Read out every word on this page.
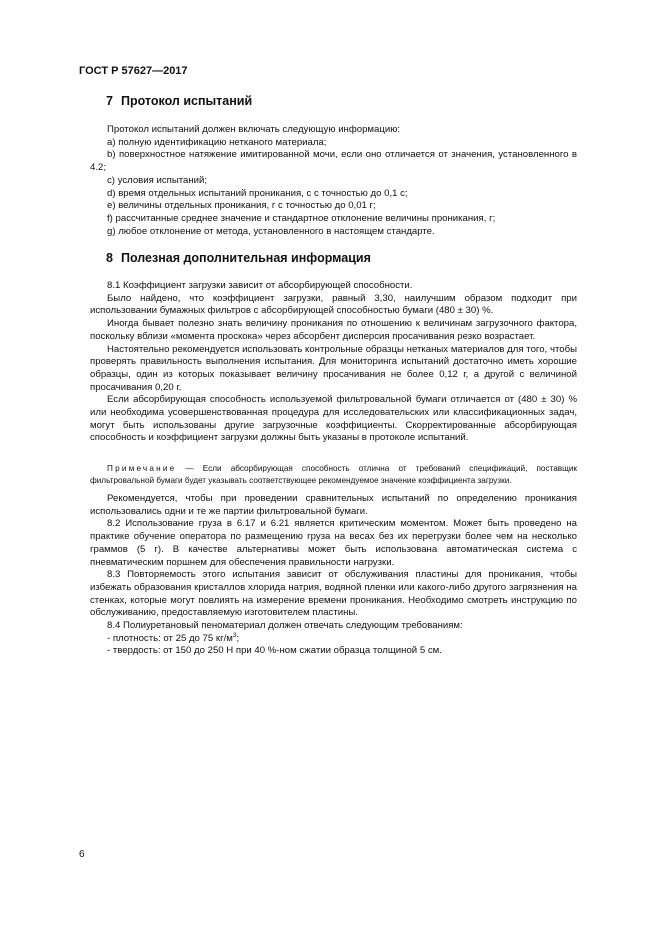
ГОСТ Р 57627—2017
7 Протокол испытаний

Протокол испытаний должен включать следующую информацию:

a) полную идентификацию нетканого материала;

b) поверхностное натяжение имитированной мочи, если оно отличается от значения, установленного в 4.2;

c) условия испытаний;

d) время отдельных испытаний проникания, с с точностью до 0,1 с;

e) величины отдельных проникания, г с точностью до 0,01 г;

f) рассчитанные среднее значение и стандартное отклонение величины проникания, г;

g) любое отклонение от метода, установленного в настоящем стандарте.

8 Полезная дополнительная информация

8.1 Коэффициент загрузки зависит от абсорбирующей способности.

Было найдено, что коэффициент загрузки, равный 3,30, наилучшим образом подходит при использовании бумажных фильтров с абсорбирующей способностью бумаги (480 ± 30) %.

Иногда бывает полезно знать величину проникания по отношению к величинам загрузочного фактора, поскольку вблизи «момента проскока» через абсорбент дисперсия просачивания резко возрастает.

Настоятельно рекомендуется использовать контрольные образцы нетканых материалов для того, чтобы проверять правильность выполнения испытания. Для мониторинга испытаний достаточно иметь хорошие образцы, один из которых показывает величину просачивания не более 0,12 г, а другой с величиной просачивания 0,20 г.

Если абсорбирующая способность используемой фильтровальной бумаги отличается от (480 ± 30) % или необходима усовершенствованная процедура для исследовательских или классификационных задач, могут быть использованы другие загрузочные коэффициенты. Скорректированные абсорбирующая способность и коэффициент загрузки должны быть указаны в протоколе испытаний.

Примечание — Если абсорбирующая способность отлична от требований спецификаций, поставщик фильтровальной бумаги будет указывать соответствующее рекомендуемое значение коэффициента загрузки.

Рекомендуется, чтобы при проведении сравнительных испытаний по определению проникания использовались одни и те же партии фильтровальной бумаги.

8.2 Использование груза в 6.17 и 6.21 является критическим моментом. Может быть проведено на практике обучение оператора по размещению груза на весах без их перегрузки более чем на несколько граммов (5 г). В качестве альтернативы может быть использована автоматическая система с пневматическим поршнем для обеспечения правильности нагрузки.

8.3 Повторяемость этого испытания зависит от обслуживания пластины для проникания, чтобы избежать образования кристаллов хлорида натрия, водяной пленки или какого-либо другого загрязнения на стенках, которые могут повлиять на измерение времени проникания. Необходимо смотреть инструкцию по обслуживанию, предоставляемую изготовителем пластины.

8.4 Полиуретановый пеноматериал должен отвечать следующим требованиям:

- плотность: от 25 до 75 $кг/м^3$;

- твердость: от 150 до 250 Н при 40 %-ном сжатии образца толщиной 5 см.

6
